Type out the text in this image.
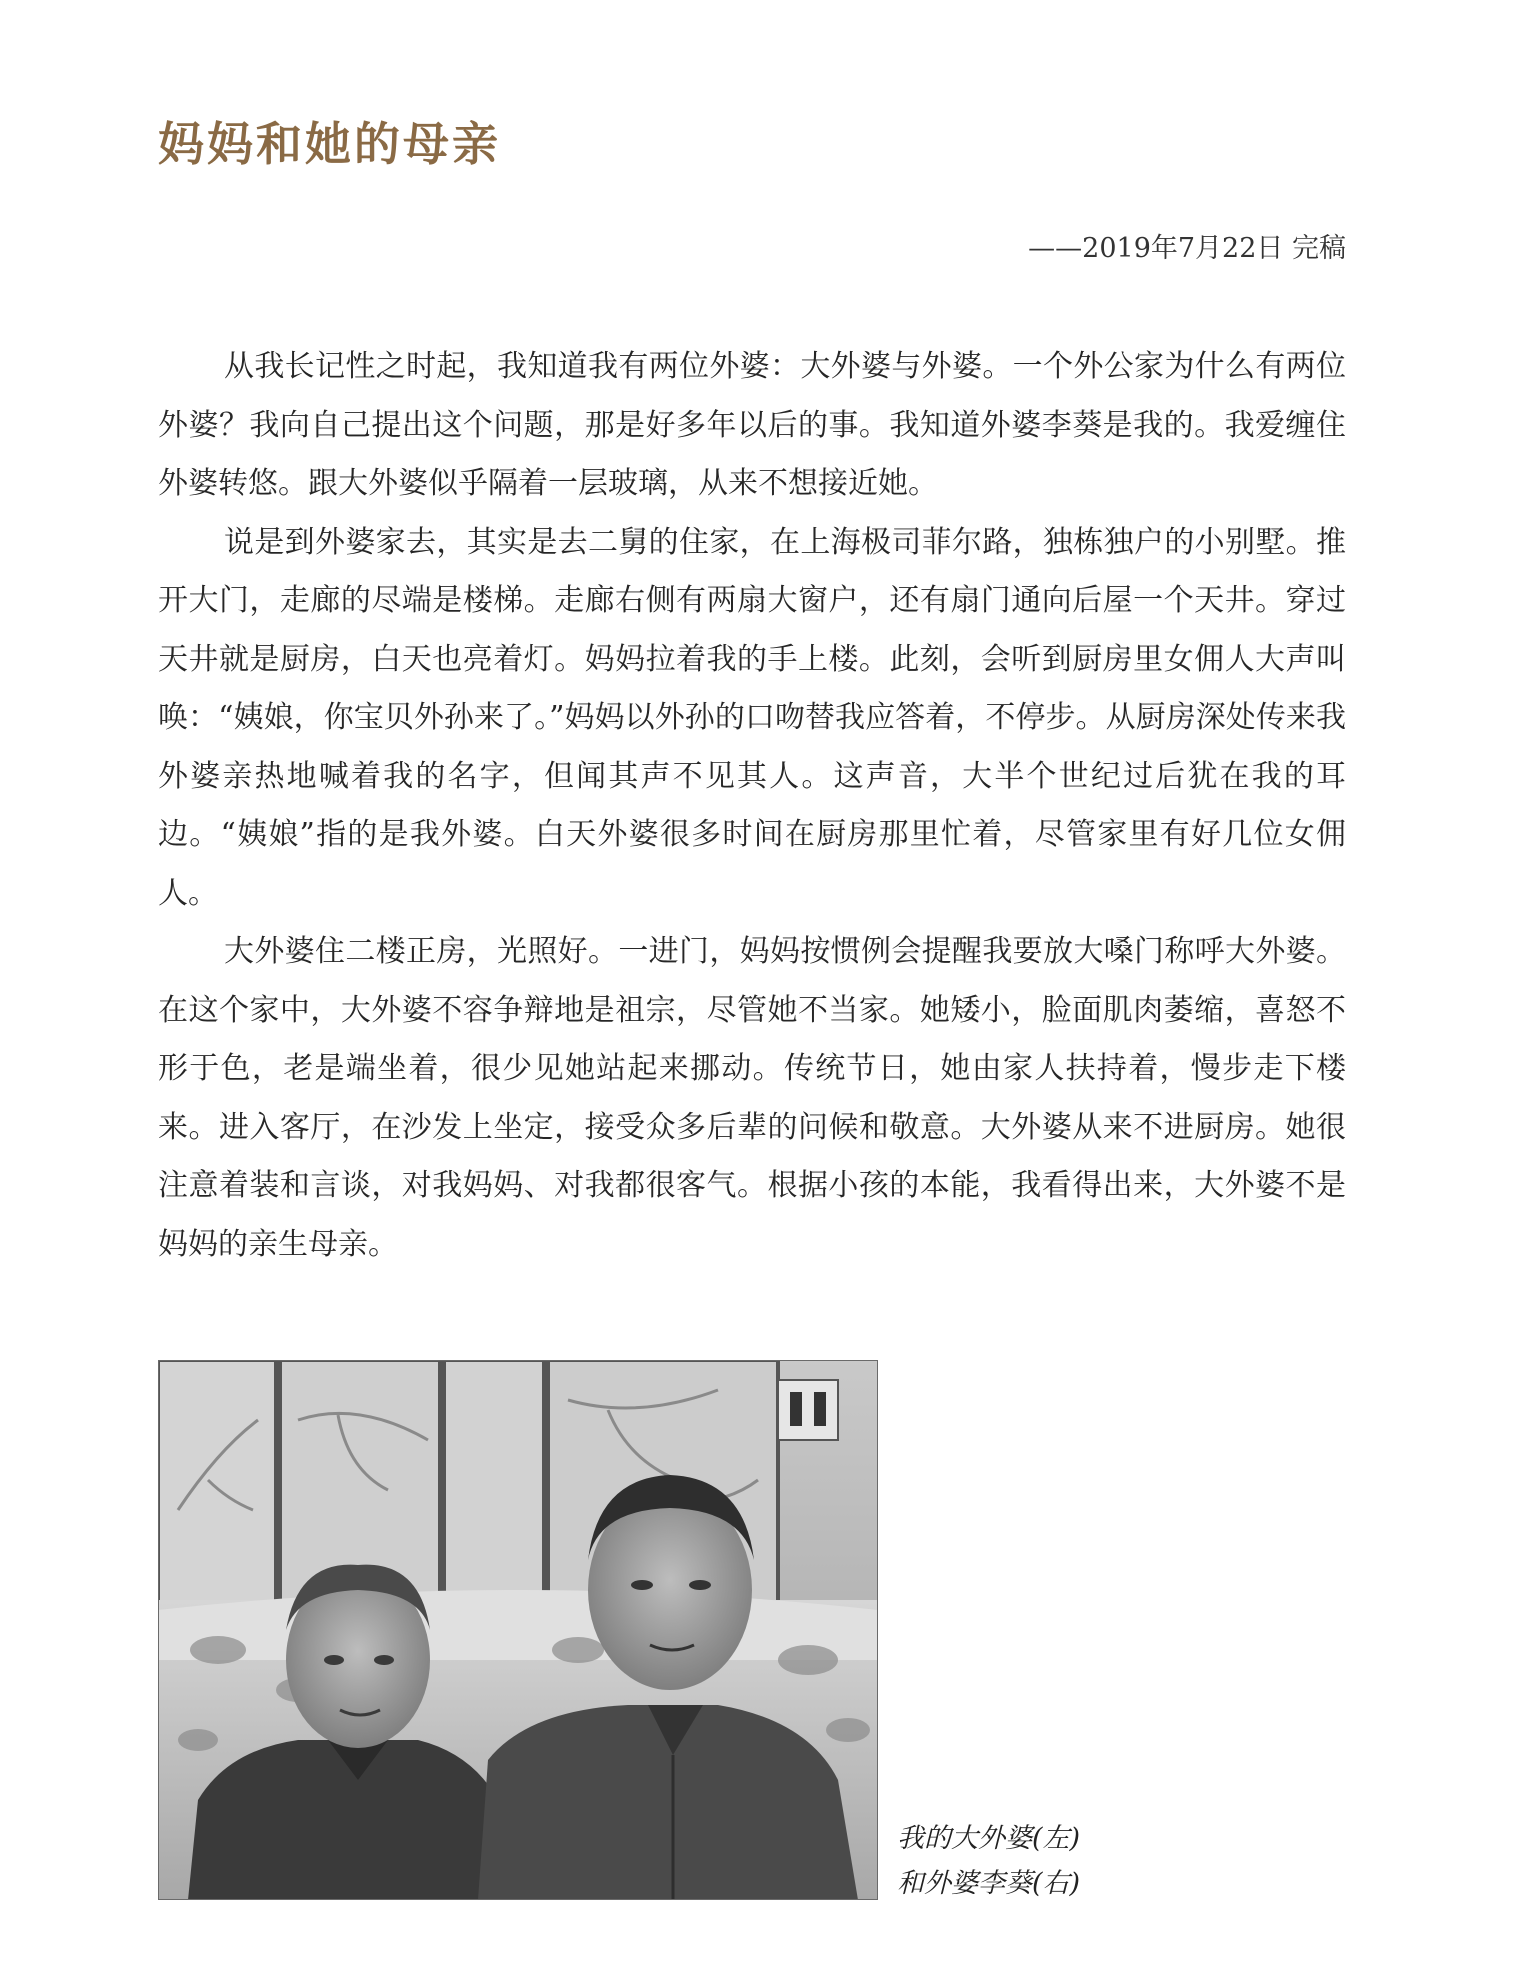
妈妈和她的母亲
——2019年7月22日 完稿

从我长记性之时起，我知道我有两位外婆：大外婆与外婆。一个外公家为什么有两位外婆？我向自己提出这个问题，那是好多年以后的事。我知道外婆李葵是我的。我爱缠住外婆转悠。跟大外婆似乎隔着一层玻璃，从来不想接近她。

说是到外婆家去，其实是去二舅的住家，在上海极司菲尔路，独栋独户的小别墅。推开大门，走廊的尽端是楼梯。走廊右侧有两扇大窗户，还有扇门通向后屋一个天井。穿过天井就是厨房，白天也亮着灯。妈妈拉着我的手上楼。此刻，会听到厨房里女佣人大声叫唤：“姨娘，你宝贝外孙来了。”妈妈以外孙的口吻替我应答着，不停步。从厨房深处传来我外婆亲热地喊着我的名字，但闻其声不见其人。这声音，大半个世纪过后犹在我的耳边。“姨娘”指的是我外婆。白天外婆很多时间在厨房那里忙着，尽管家里有好几位女佣人。

大外婆住二楼正房，光照好。一进门，妈妈按惯例会提醒我要放大嗓门称呼大外婆。在这个家中，大外婆不容争辩地是祖宗，尽管她不当家。她矮小，脸面肌肉萎缩，喜怒不形于色，老是端坐着，很少见她站起来挪动。传统节日，她由家人扶持着，慢步走下楼来。进入客厅，在沙发上坐定，接受众多后辈的问候和敬意。大外婆从来不进厨房。她很注意着装和言谈，对我妈妈、对我都很客气。根据小孩的本能，我看得出来，大外婆不是妈妈的亲生母亲。

我的大外婆(左)
和外婆李葵(右)
